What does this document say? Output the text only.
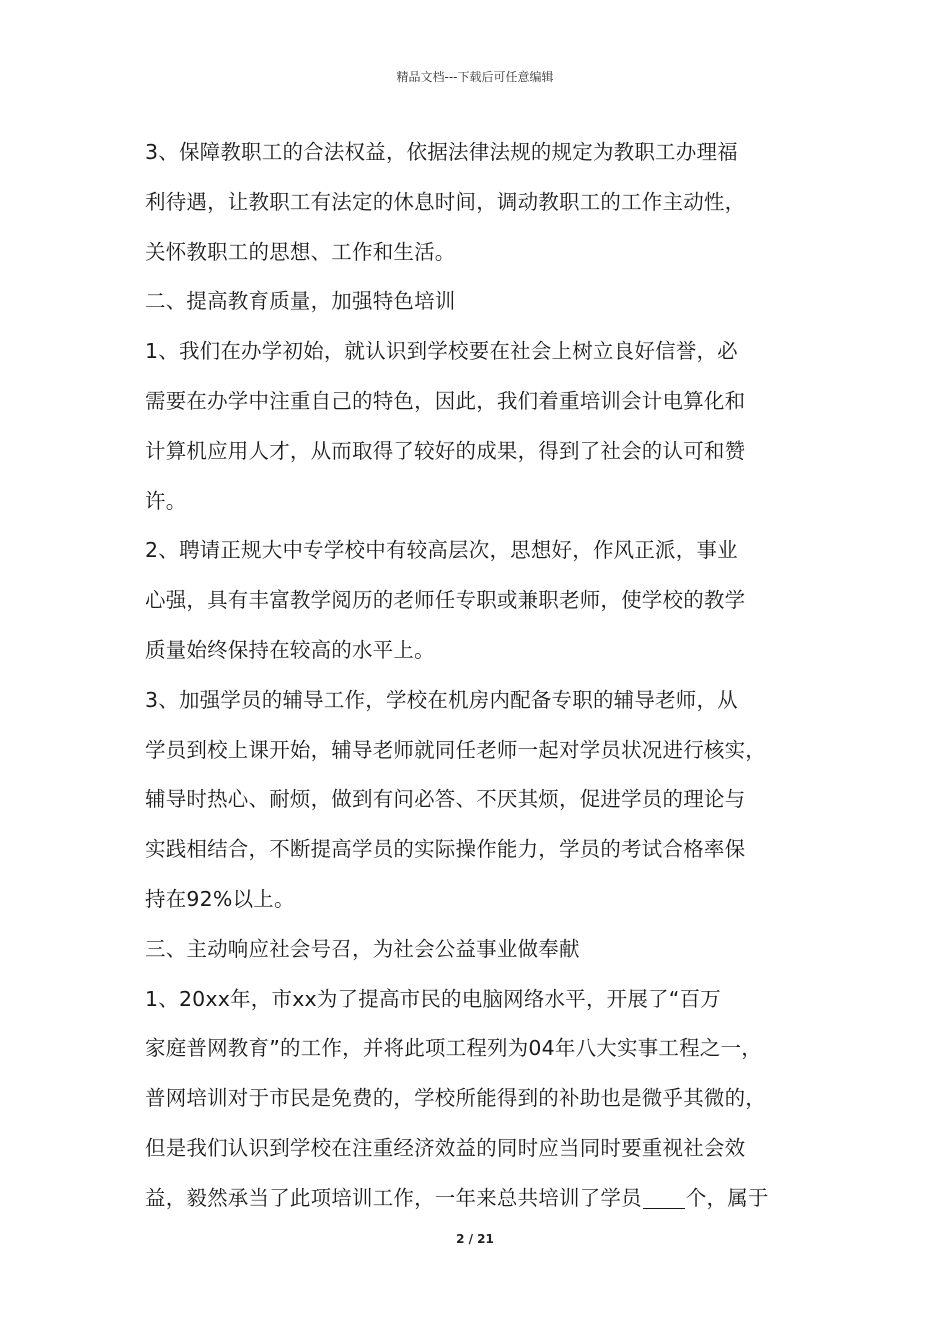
精品文档---下载后可任意编辑
3、保障教职工的合法权益，依据法律法规的规定为教职工办理福
利待遇，让教职工有法定的休息时间，调动教职工的工作主动性，
关怀教职工的思想、工作和生活。
二、提高教育质量，加强特色培训
1、我们在办学初始，就认识到学校要在社会上树立良好信誉，必
需要在办学中注重自己的特色，因此，我们着重培训会计电算化和
计算机应用人才，从而取得了较好的成果，得到了社会的认可和赞
许。
2、聘请正规大中专学校中有较高层次，思想好，作风正派，事业
心强，具有丰富教学阅历的老师任专职或兼职老师，使学校的教学
质量始终保持在较高的水平上。
3、加强学员的辅导工作，学校在机房内配备专职的辅导老师，从
学员到校上课开始，辅导老师就同任老师一起对学员状况进行核实，
辅导时热心、耐烦，做到有问必答、不厌其烦，促进学员的理论与
实践相结合，不断提高学员的实际操作能力，学员的考试合格率保
持在92%以上。
三、主动响应社会号召，为社会公益事业做奉献
1、20xx年，市xx为了提高市民的电脑网络水平，开展了“百万
家庭普网教育”的工作，并将此项工程列为04年八大实事工程之一，
普网培训对于市民是免费的，学校所能得到的补助也是微乎其微的，
但是我们认识到学校在注重经济效益的同时应当同时要重视社会效
益，毅然承当了此项培训工作，一年来总共培训了学员 个，属于
2 / 21
